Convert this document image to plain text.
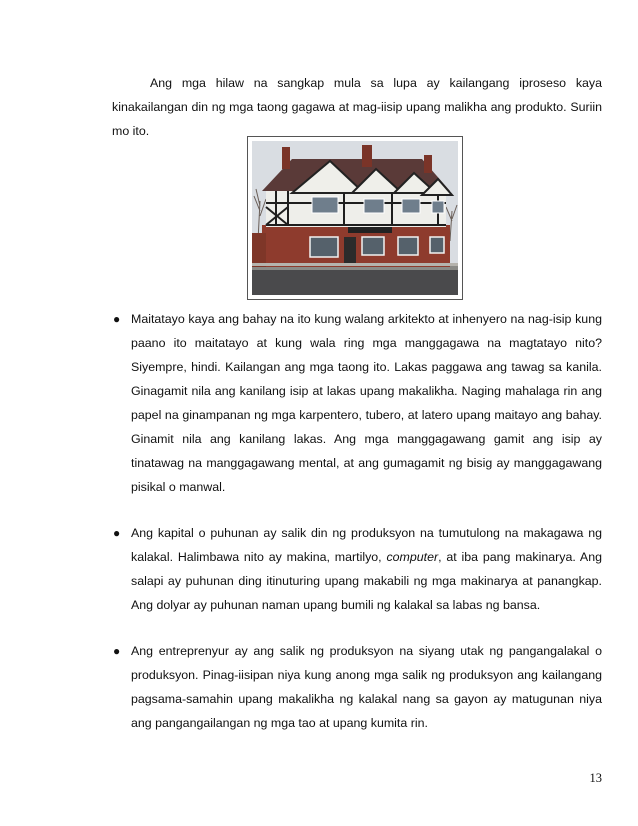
Ang mga hilaw na sangkap mula sa lupa ay kailangang iproseso kaya kinakailangan din ng mga taong gagawa at mag-iisip upang malikha ang produkto. Suriin mo ito.

● Maitatayo kaya ang bahay na ito kung walang arkitekto at inhenyero na nag-isip kung paano ito maitatayo at kung wala ring mga manggagawa na magtatayo nito? Siyempre, hindi. Kailangan ang mga taong ito. Lakas paggawa ang tawag sa kanila. Ginagamit nila ang kanilang isip at lakas upang makalikha. Naging mahalaga rin ang papel na ginampanan ng mga karpentero, tubero, at latero upang maitayo ang bahay. Ginamit nila ang kanilang lakas. Ang mga manggagawang gamit ang isip ay tinatawag na manggagawang mental, at ang gumagamit ng bisig ay manggagawang pisikal o manwal.
● Ang kapital o puhunan ay salik din ng produksyon na tumutulong na makagawa ng kalakal. Halimbawa nito ay makina, martilyo, computer, at iba pang makinarya. Ang salapi ay puhunan ding itinuturing upang makabili ng mga makinarya at panangkap. Ang dolyar ay puhunan naman upang bumili ng kalakal sa labas ng bansa.
● Ang entreprenyur ay ang salik ng produksyon na siyang utak ng pangangalakal o produksyon. Pinag-iisipan niya kung anong mga salik ng produksyon ang kailangang pagsama-samahin upang makalikha ng kalakal nang sa gayon ay matugunan niya ang pangangailangan ng mga tao at upang kumita rin.

13
